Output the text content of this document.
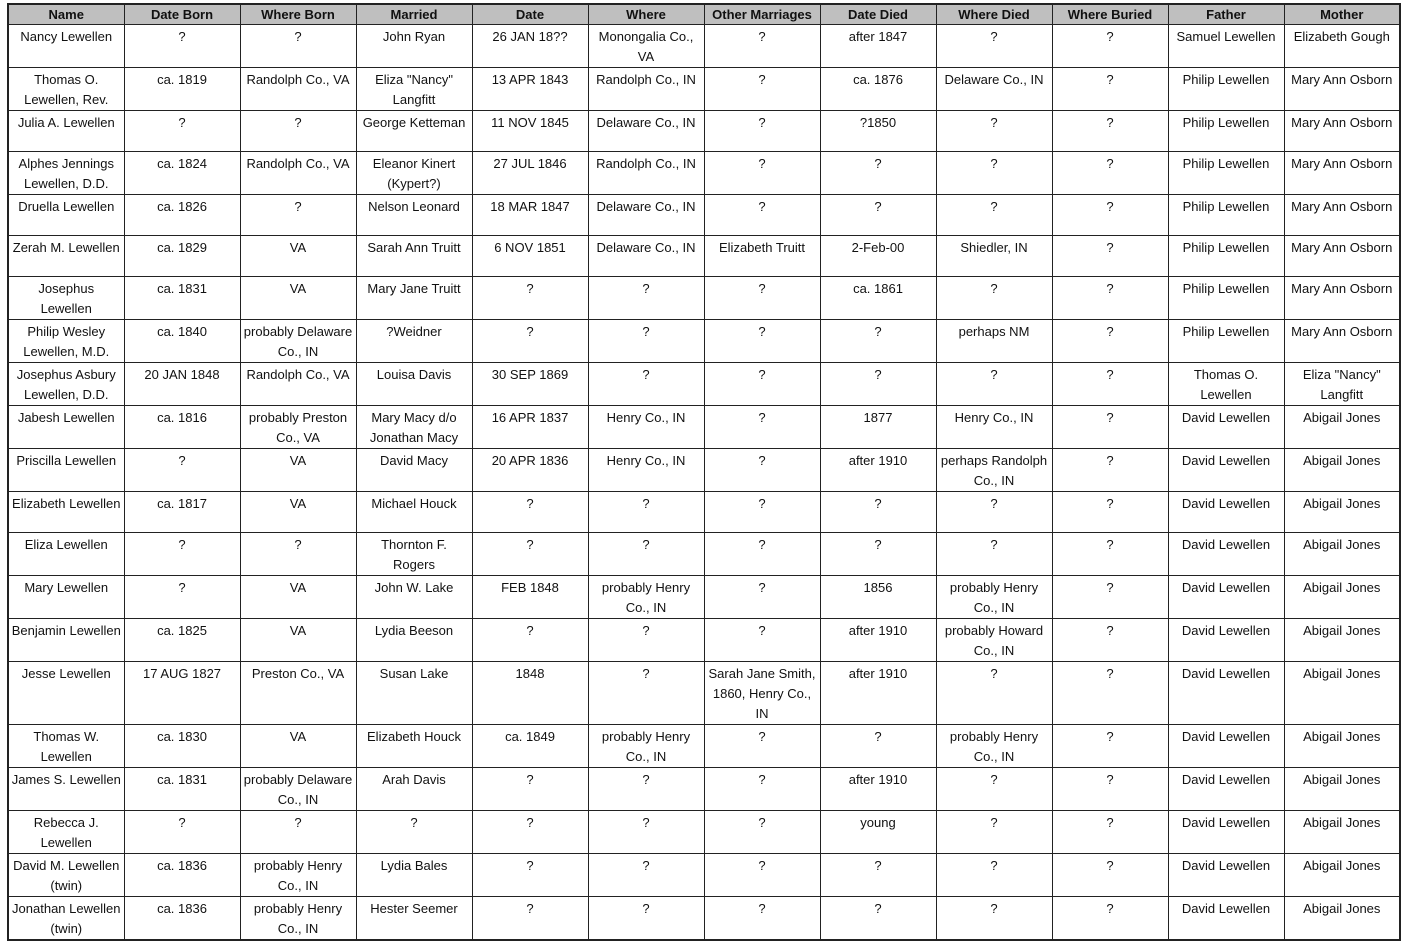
Name	Date Born	Where Born	Married	Date	Where	Other Marriages	Date Died	Where Died	Where Buried	Father	Mother
Nancy Lewellen	?	?	John Ryan	26 JAN 18??	Monongalia Co., VA	?	after 1847	?	?	Samuel Lewellen	Elizabeth Gough
Thomas O. Lewellen, Rev.	ca. 1819	Randolph Co., VA	Eliza "Nancy" Langfitt	13 APR 1843	Randolph Co., IN	?	ca. 1876	Delaware Co., IN	?	Philip Lewellen	Mary Ann Osborn
Julia A. Lewellen	?	?	George Ketteman	11 NOV 1845	Delaware Co., IN	?	?1850	?	?	Philip Lewellen	Mary Ann Osborn
Alphes Jennings Lewellen, D.D.	ca. 1824	Randolph Co., VA	Eleanor Kinert (Kypert?)	27 JUL 1846	Randolph Co., IN	?	?	?	?	Philip Lewellen	Mary Ann Osborn
Druella Lewellen	ca. 1826	?	Nelson Leonard	18 MAR 1847	Delaware Co., IN	?	?	?	?	Philip Lewellen	Mary Ann Osborn
Zerah M. Lewellen	ca. 1829	VA	Sarah Ann Truitt	6 NOV 1851	Delaware Co., IN	Elizabeth Truitt	2-Feb-00	Shiedler, IN	?	Philip Lewellen	Mary Ann Osborn
Josephus Lewellen	ca. 1831	VA	Mary Jane Truitt	?	?	?	ca. 1861	?	?	Philip Lewellen	Mary Ann Osborn
Philip Wesley Lewellen, M.D.	ca. 1840	probably Delaware Co., IN	?Weidner	?	?	?	?	perhaps NM	?	Philip Lewellen	Mary Ann Osborn
Josephus Asbury Lewellen, D.D.	20 JAN 1848	Randolph Co., VA	Louisa Davis	30 SEP 1869	?	?	?	?	?	Thomas O. Lewellen	Eliza "Nancy" Langfitt
Jabesh Lewellen	ca. 1816	probably Preston Co., VA	Mary Macy d/o Jonathan Macy	16 APR 1837	Henry Co., IN	?	1877	Henry Co., IN	?	David Lewellen	Abigail Jones
Priscilla Lewellen	?	VA	David Macy	20 APR 1836	Henry Co., IN	?	after 1910	perhaps Randolph Co., IN	?	David Lewellen	Abigail Jones
Elizabeth Lewellen	ca. 1817	VA	Michael Houck	?	?	?	?	?	?	David Lewellen	Abigail Jones
Eliza Lewellen	?	?	Thornton F. Rogers	?	?	?	?	?	?	David Lewellen	Abigail Jones
Mary Lewellen	?	VA	John W. Lake	FEB 1848	probably Henry Co., IN	?	1856	probably Henry Co., IN	?	David Lewellen	Abigail Jones
Benjamin Lewellen	ca. 1825	VA	Lydia Beeson	?	?	?	after 1910	probably Howard Co., IN	?	David Lewellen	Abigail Jones
Jesse Lewellen	17 AUG 1827	Preston Co., VA	Susan Lake	1848	?	Sarah Jane Smith, 1860, Henry Co., IN	after 1910	?	?	David Lewellen	Abigail Jones
Thomas W. Lewellen	ca. 1830	VA	Elizabeth Houck	ca. 1849	probably Henry Co., IN	?	?	probably Henry Co., IN	?	David Lewellen	Abigail Jones
James S. Lewellen	ca. 1831	probably Delaware Co., IN	Arah Davis	?	?	?	after 1910	?	?	David Lewellen	Abigail Jones
Rebecca J. Lewellen	?	?	?	?	?	?	young	?	?	David Lewellen	Abigail Jones
David M. Lewellen (twin)	ca. 1836	probably Henry Co., IN	Lydia Bales	?	?	?	?	?	?	David Lewellen	Abigail Jones
Jonathan Lewellen (twin)	ca. 1836	probably Henry Co., IN	Hester Seemer	?	?	?	?	?	?	David Lewellen	Abigail Jones
